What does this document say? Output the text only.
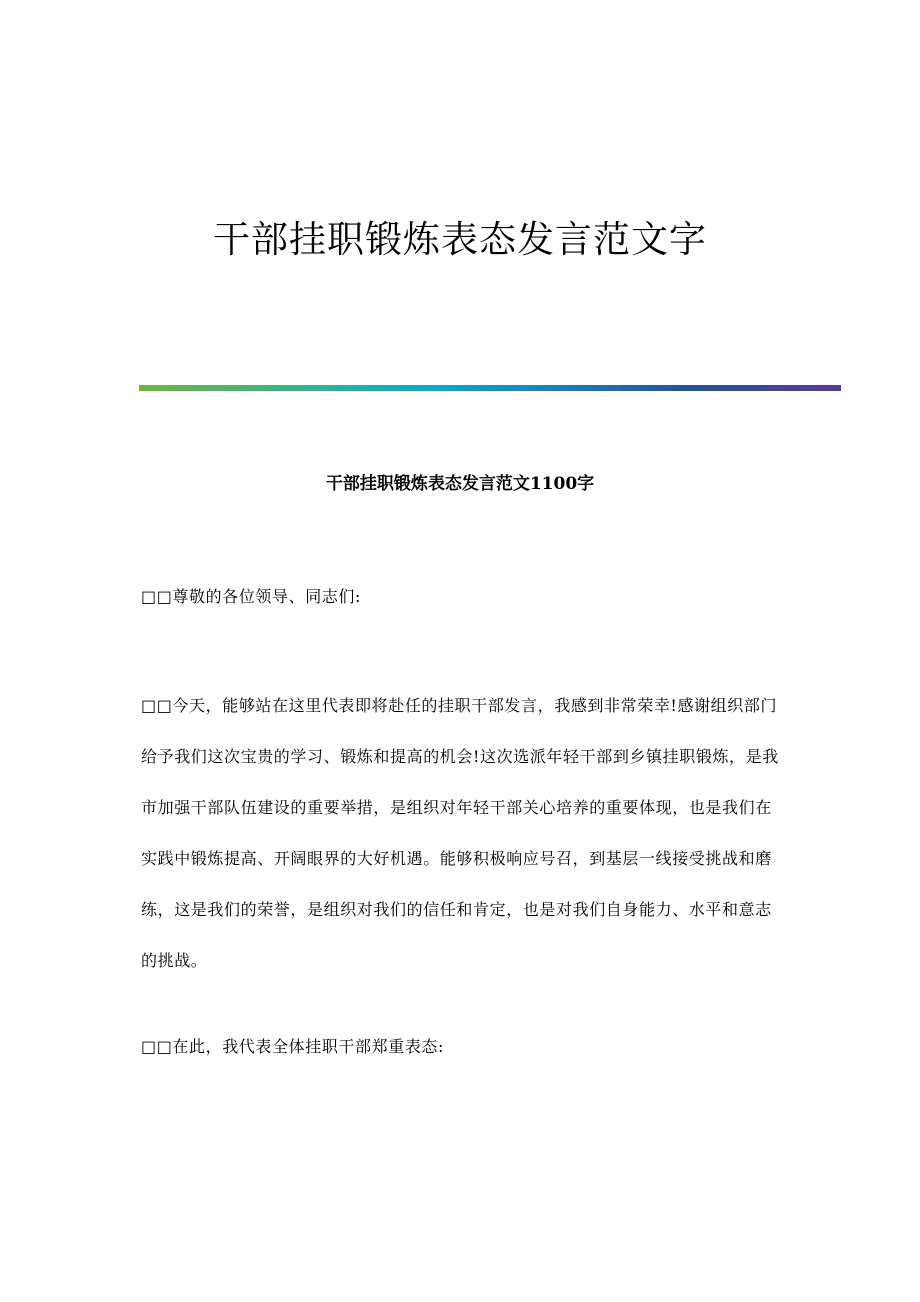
干部挂职锻炼表态发言范文字
干部挂职锻炼表态发言范文1100字

□□尊敬的各位领导、同志们:

□□今天，能够站在这里代表即将赴任的挂职干部发言，我感到非常荣幸!感谢组织部门给予我们这次宝贵的学习、锻炼和提高的机会!这次选派年轻干部到乡镇挂职锻炼，是我市加强干部队伍建设的重要举措，是组织对年轻干部关心培养的重要体现，也是我们在实践中锻炼提高、开阔眼界的大好机遇。能够积极响应号召，到基层一线接受挑战和磨练，这是我们的荣誉，是组织对我们的信任和肯定，也是对我们自身能力、水平和意志的挑战。

□□在此，我代表全体挂职干部郑重表态:
